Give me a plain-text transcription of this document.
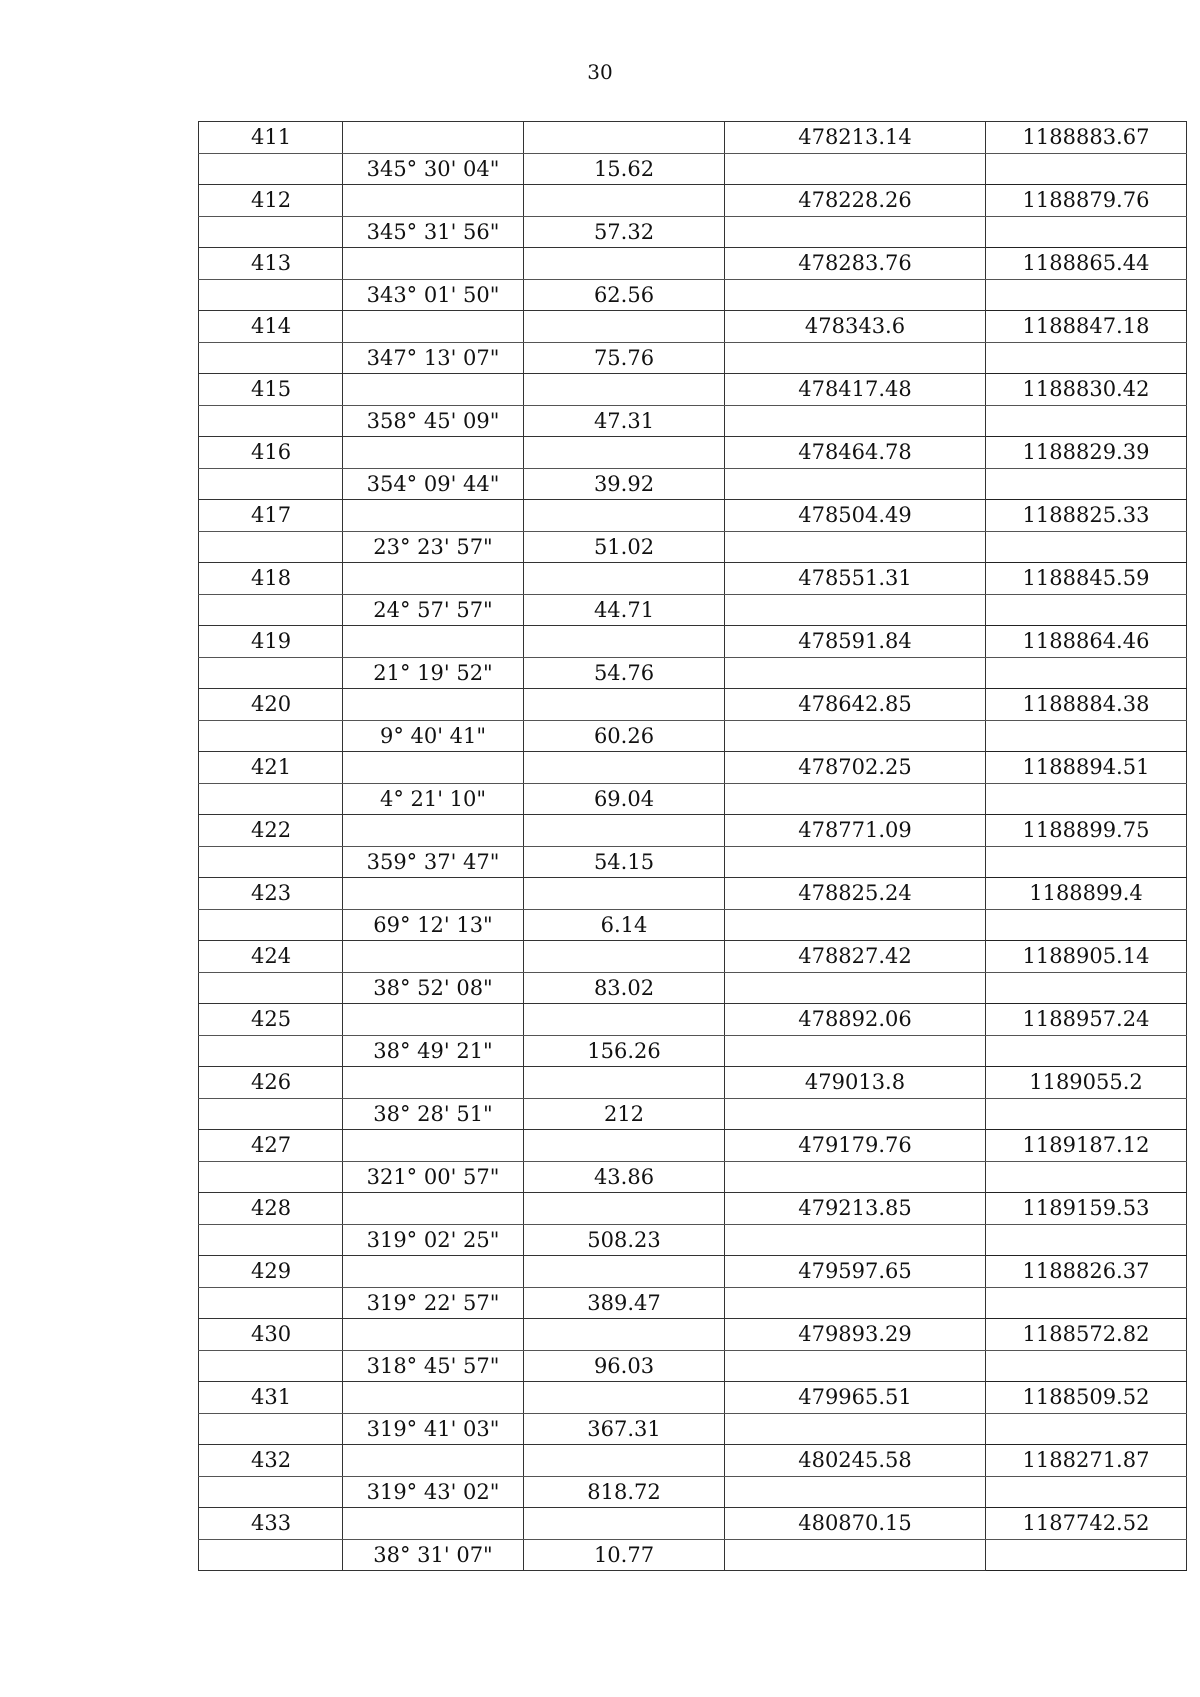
30
411			478213.14	1188883.67
	345° 30' 04"	15.62		
412			478228.26	1188879.76
	345° 31' 56"	57.32		
413			478283.76	1188865.44
	343° 01' 50"	62.56		
414			478343.6	1188847.18
	347° 13' 07"	75.76		
415			478417.48	1188830.42
	358° 45' 09"	47.31		
416			478464.78	1188829.39
	354° 09' 44"	39.92		
417			478504.49	1188825.33
	23° 23' 57"	51.02		
418			478551.31	1188845.59
	24° 57' 57"	44.71		
419			478591.84	1188864.46
	21° 19' 52"	54.76		
420			478642.85	1188884.38
	9° 40' 41"	60.26		
421			478702.25	1188894.51
	4° 21' 10"	69.04		
422			478771.09	1188899.75
	359° 37' 47"	54.15		
423			478825.24	1188899.4
	69° 12' 13"	6.14		
424			478827.42	1188905.14
	38° 52' 08"	83.02		
425			478892.06	1188957.24
	38° 49' 21"	156.26		
426			479013.8	1189055.2
	38° 28' 51"	212		
427			479179.76	1189187.12
	321° 00' 57"	43.86		
428			479213.85	1189159.53
	319° 02' 25"	508.23		
429			479597.65	1188826.37
	319° 22' 57"	389.47		
430			479893.29	1188572.82
	318° 45' 57"	96.03		
431			479965.51	1188509.52
	319° 41' 03"	367.31		
432			480245.58	1188271.87
	319° 43' 02"	818.72		
433			480870.15	1187742.52
	38° 31' 07"	10.77		
